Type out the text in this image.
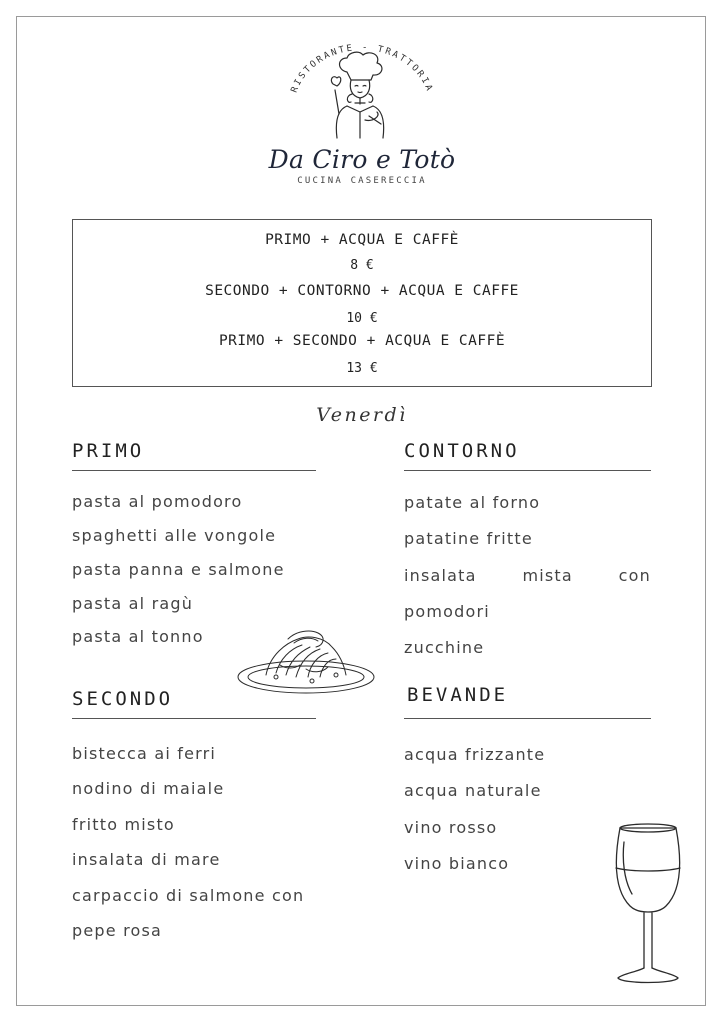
RISTORANTE - TRATTORIA
Da Ciro e Totò
CUCINA CASERECCIA
PRIMO + ACQUA E CAFFÈ
8 €
SECONDO + CONTORNO + ACQUA E CAFFE
10 €
PRIMO + SECONDO + ACQUA E CAFFÈ
13 €
Venerdì
PRIMO
pasta al pomodoro
spaghetti alle vongole
pasta panna e salmone
pasta al ragù
pasta al tonno
CONTORNO
patate al forno
patatine fritte
insalata	mista	con
pomodori
zucchine
SECONDO
bistecca ai ferri
nodino di maiale
fritto misto
insalata di mare
carpaccio di salmone con
pepe rosa
BEVANDE
acqua frizzante
acqua naturale
vino rosso
vino bianco
